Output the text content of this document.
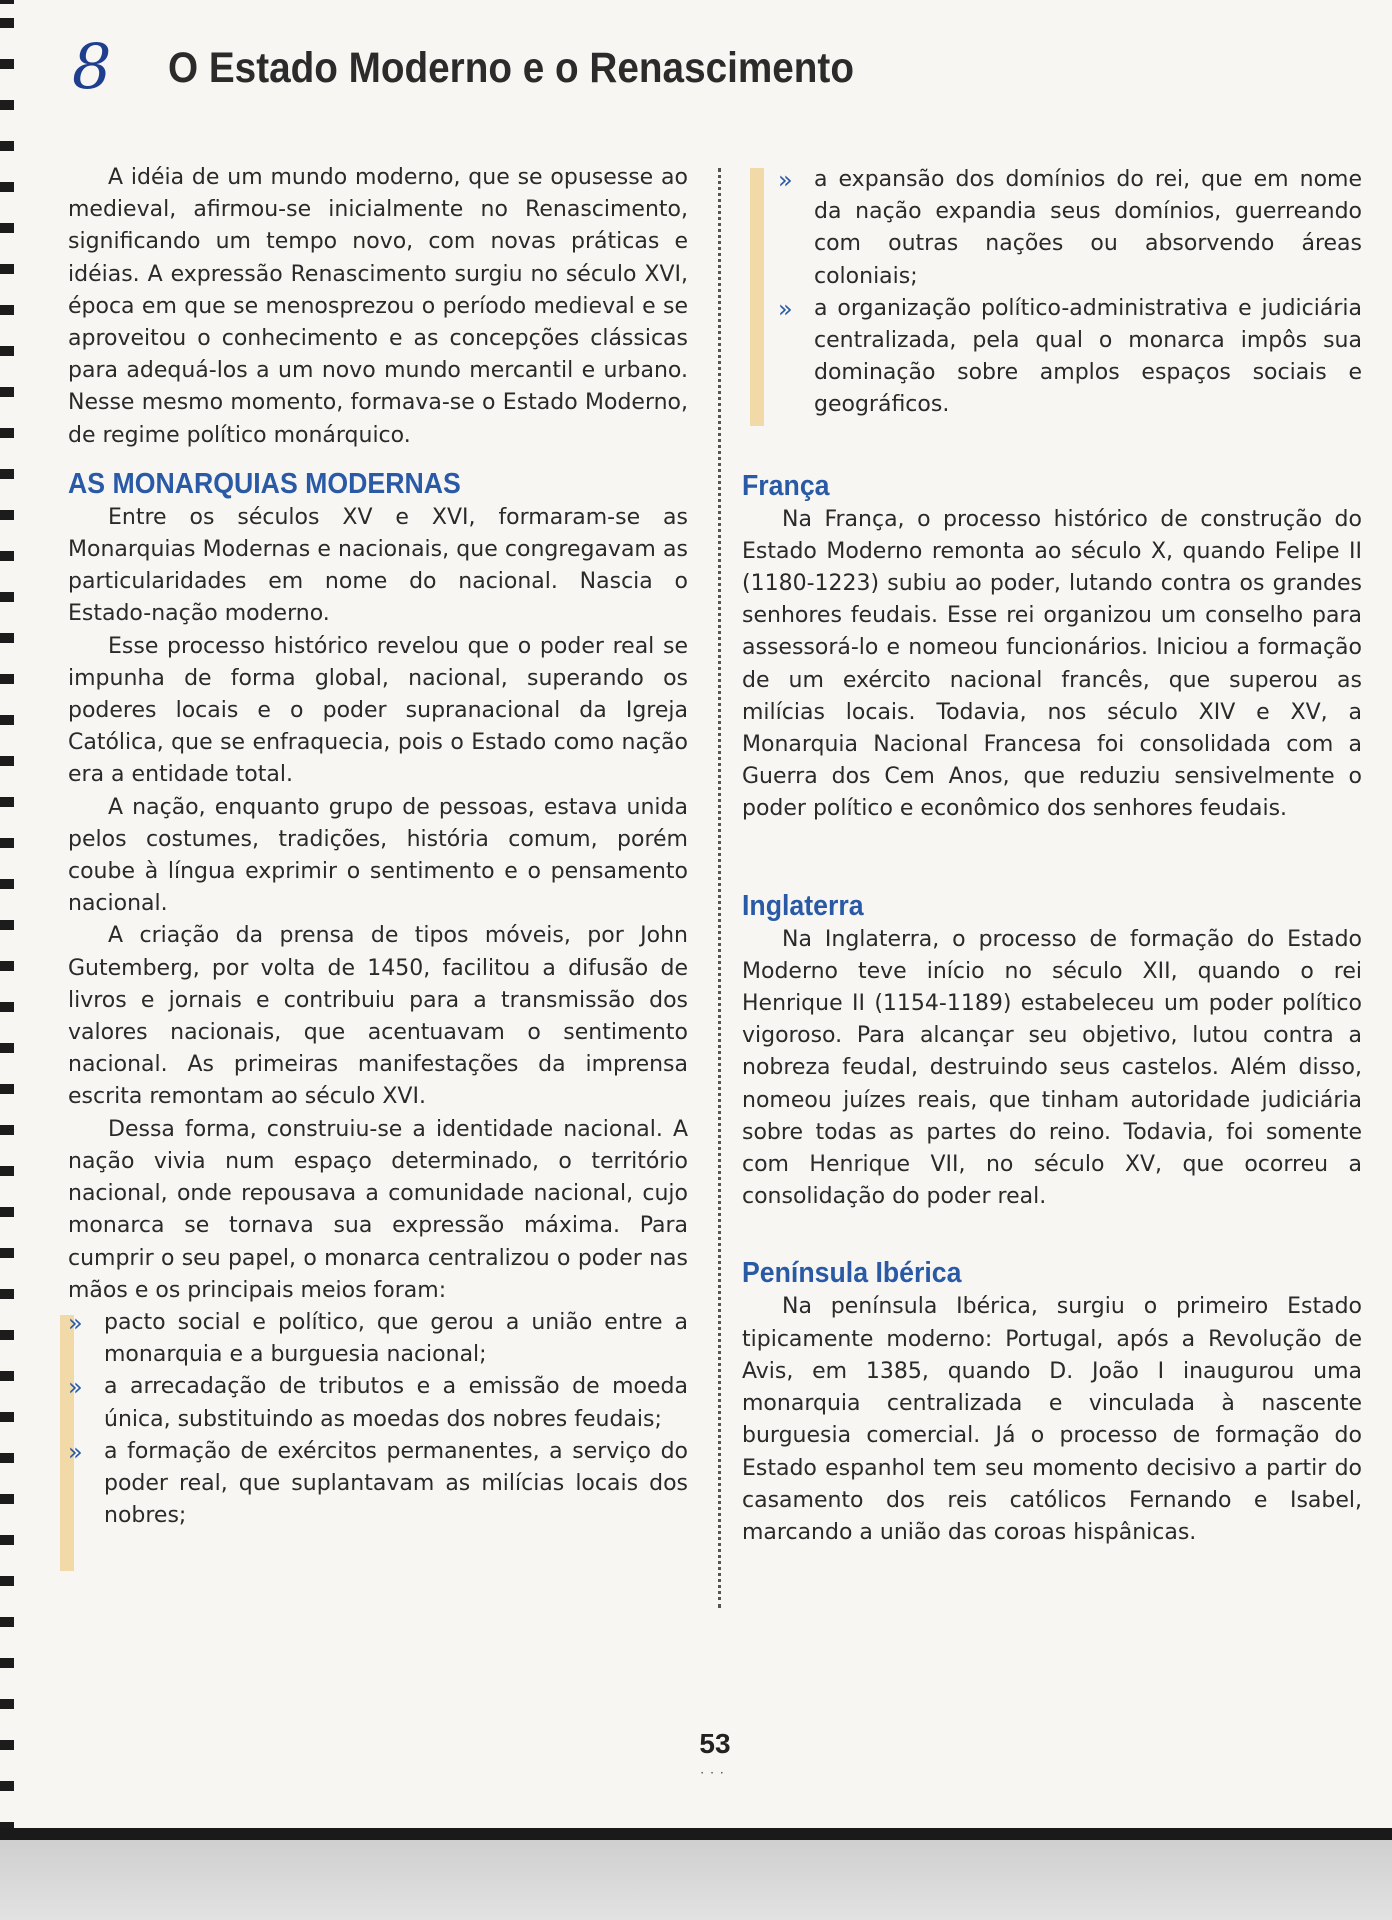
8	O Estado Moderno e o Renascimento

A idéia de um mundo moderno, que se opusesse ao medieval, afirmou-se inicialmente no Renascimento, significando um tempo novo, com novas práticas e idéias. A expressão Renascimento surgiu no século XVI, época em que se menosprezou o período medieval e se aproveitou o conhecimento e as concepções clássicas para adequá-los a um novo mundo mercantil e urbano. Nesse mesmo momento, formava-se o Estado Moderno, de regime político monárquico.

AS MONARQUIAS MODERNAS

Entre os séculos XV e XVI, formaram-se as Monarquias Modernas e nacionais, que congregavam as particularidades em nome do nacional. Nascia o Estado-nação moderno.

Esse processo histórico revelou que o poder real se impunha de forma global, nacional, superando os poderes locais e o poder supranacional da Igreja Católica, que se enfraquecia, pois o Estado como nação era a entidade total.

A nação, enquanto grupo de pessoas, estava unida pelos costumes, tradições, história comum, porém coube à língua exprimir o sentimento e o pensamento nacional.

A criação da prensa de tipos móveis, por John Gutemberg, por volta de 1450, facilitou a difusão de livros e jornais e contribuiu para a transmissão dos valores nacionais, que acentuavam o sentimento nacional. As primeiras manifestações da imprensa escrita remontam ao século XVI.

Dessa forma, construiu-se a identidade nacional. A nação vivia num espaço determinado, o território nacional, onde repousava a comunidade nacional, cujo monarca se tornava sua expressão máxima. Para cumprir o seu papel, o monarca centralizou o poder nas mãos e os principais meios foram:

» pacto social e político, que gerou a união entre a monarquia e a burguesia nacional;
» a arrecadação de tributos e a emissão de moeda única, substituindo as moedas dos nobres feudais;
» a formação de exércitos permanentes, a serviço do poder real, que suplantavam as milícias locais dos nobres;
» a expansão dos domínios do rei, que em nome da nação expandia seus domínios, guerreando com outras nações ou absorvendo áreas coloniais;
» a organização político-administrativa e judiciária centralizada, pela qual o monarca impôs sua dominação sobre amplos espaços sociais e geográficos.
França

Na França, o processo histórico de construção do Estado Moderno remonta ao século X, quando Felipe II (1180-1223) subiu ao poder, lutando contra os grandes senhores feudais. Esse rei organizou um conselho para assessorá-lo e nomeou funcionários. Iniciou a formação de um exército nacional francês, que superou as milícias locais. Todavia, nos século XIV e XV, a Monarquia Nacional Francesa foi consolidada com a Guerra dos Cem Anos, que reduziu sensivelmente o poder político e econômico dos senhores feudais.

Inglaterra

Na Inglaterra, o processo de formação do Estado Moderno teve início no século XII, quando o rei Henrique II (1154-1189) estabeleceu um poder político vigoroso. Para alcançar seu objetivo, lutou contra a nobreza feudal, destruindo seus castelos. Além disso, nomeou juízes reais, que tinham autoridade judiciária sobre todas as partes do reino. Todavia, foi somente com Henrique VII, no século XV, que ocorreu a consolidação do poder real.

Península Ibérica

Na península Ibérica, surgiu o primeiro Estado tipicamente moderno: Portugal, após a Revolução de Avis, em 1385, quando D. João I inaugurou uma monarquia centralizada e vinculada à nascente burguesia comercial. Já o processo de formação do Estado espanhol tem seu momento decisivo a partir do casamento dos reis católicos Fernando e Isabel, marcando a união das coroas hispânicas.

53
···
